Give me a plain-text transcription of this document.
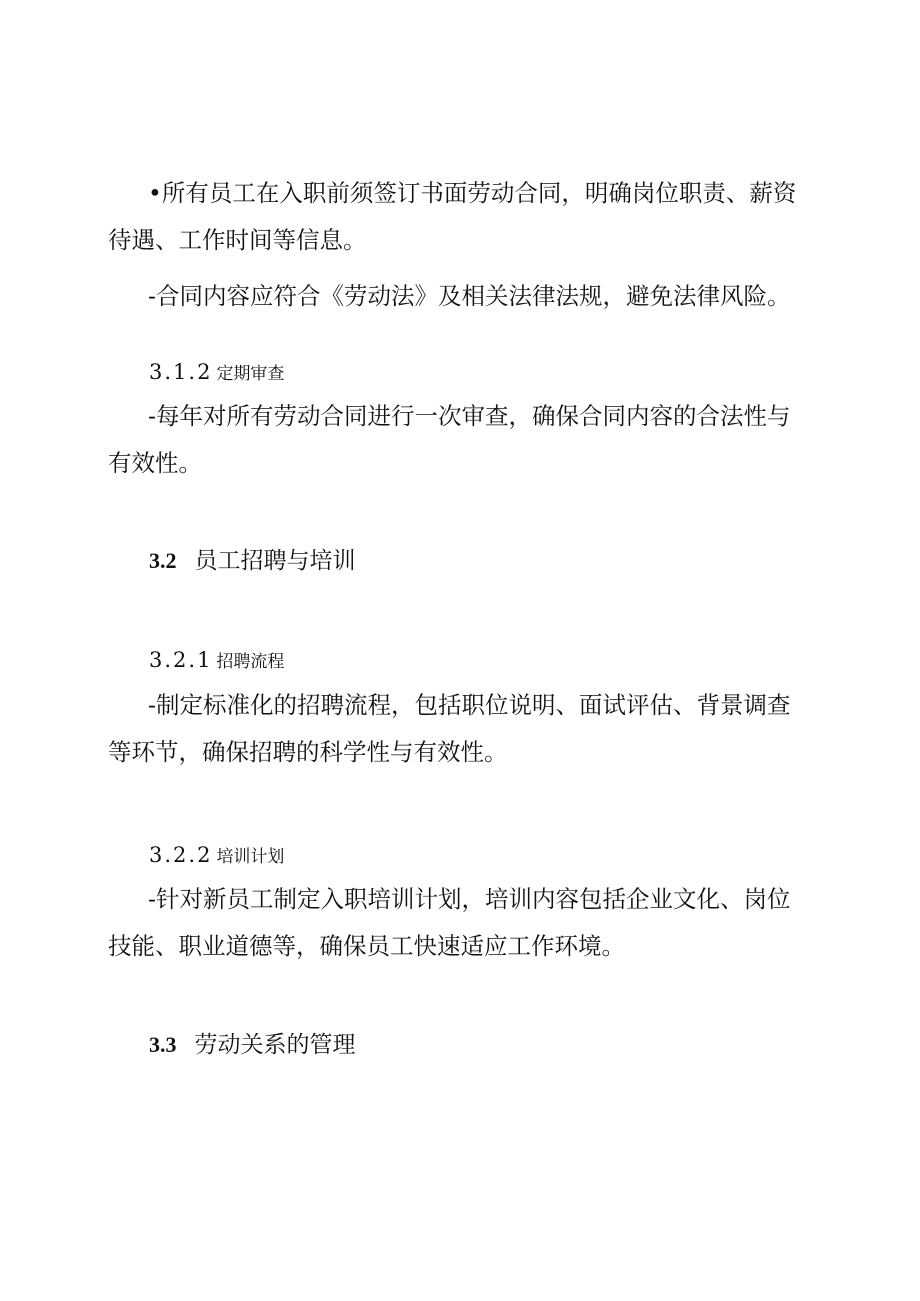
•所有员工在入职前须签订书面劳动合同，明确岗位职责、薪资待遇、工作时间等信息。

-合同内容应符合《劳动法》及相关法律法规，避免法律风险。

3.1.2 定期审查

-每年对所有劳动合同进行一次审查，确保合同内容的合法性与有效性。

3.2 员工招聘与培训
3.2.1 招聘流程

-制定标准化的招聘流程，包括职位说明、面试评估、背景调查等环节，确保招聘的科学性与有效性。

3.2.2 培训计划

-针对新员工制定入职培训计划，培训内容包括企业文化、岗位技能、职业道德等，确保员工快速适应工作环境。

3.3 劳动关系的管理
